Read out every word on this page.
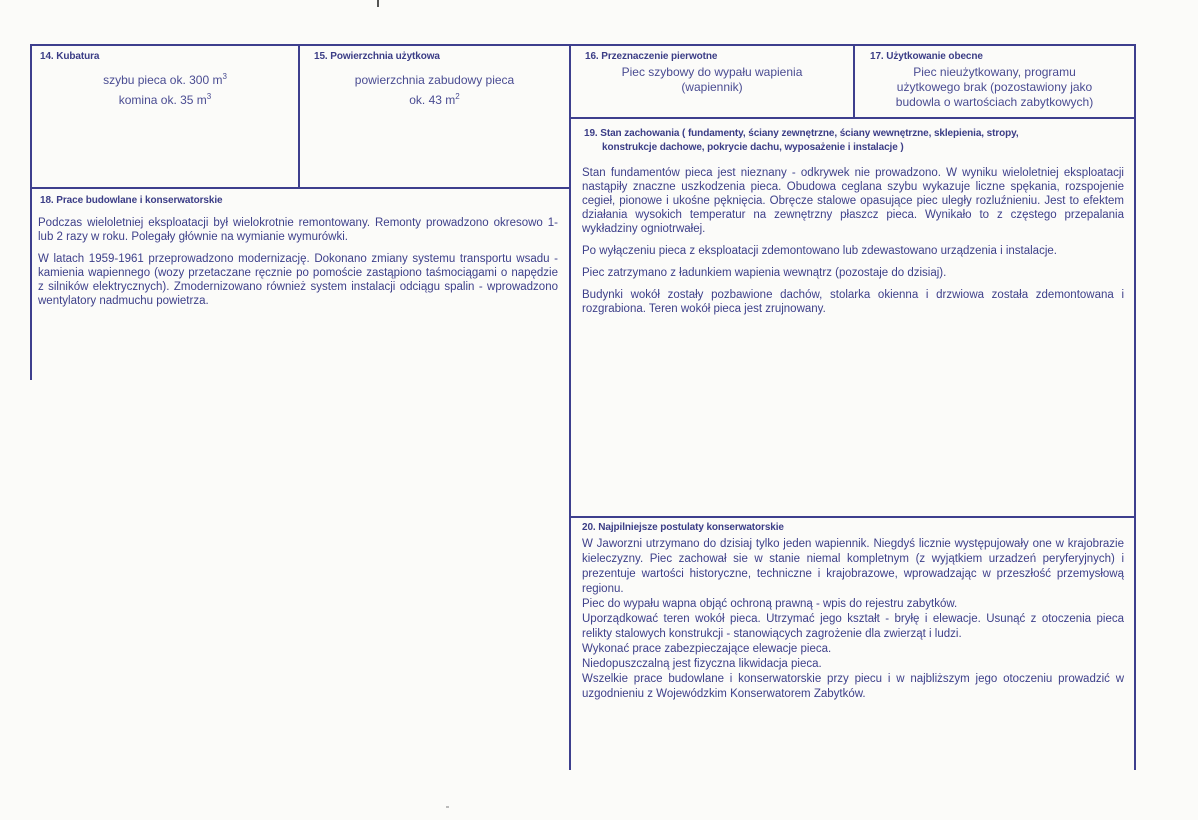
14. Kubatura
szybu pieca ok. 300 $m^3$
komina ok. 35 $m^3$
15. Powierzchnia użytkowa
powierzchnia zabudowy pieca
ok. 43 $m^2$
16. Przeznaczenie pierwotne
Piec szybowy do wypału wapienia
(wapiennik)
17. Użytkowanie obecne
Piec nieużytkowany, programu
użytkowego brak (pozostawiony jako
budowla o wartościach zabytkowych)
18. Prace budowlane i konserwatorskie

Podczas wieloletniej eksploatacji był wielokrotnie remontowany. Remonty prowadzono okresowo 1- lub 2 razy w roku. Polegały głównie na wymianie wymurówki.

W latach 1959-1961 przeprowadzono modernizację. Dokonano zmiany systemu transportu wsadu - kamienia wapiennego (wozy przetaczane ręcznie po pomoście zastąpiono taśmociągami o napędzie z silników elektrycznych). Zmodernizowano również system instalacji odciągu spalin - wprowadzono wentylatory nadmuchu powietrza.

19. Stan zachowania ( fundamenty, ściany zewnętrzne, ściany wewnętrzne, sklepienia, stropy,
konstrukcje dachowe, pokrycie dachu, wyposażenie i instalacje )

Stan fundamentów pieca jest nieznany - odkrywek nie prowadzono. W wyniku wieloletniej eksploatacji nastąpiły znaczne uszkodzenia pieca. Obudowa ceglana szybu wykazuje liczne spękania, rozspojenie cegieł, pionowe i ukośne pęknięcia. Obręcze stalowe opasujące piec uległy rozluźnieniu. Jest to efektem działania wysokich temperatur na zewnętrzny płaszcz pieca. Wynikało to z częstego przepalania wykładziny ogniotrwałej.

Po wyłączeniu pieca z eksploatacji zdemontowano lub zdewastowano urządzenia i instalacje.

Piec zatrzymano z ładunkiem wapienia wewnątrz (pozostaje do dzisiaj).

Budynki wokół zostały pozbawione dachów, stolarka okienna i drzwiowa została zdemontowana i rozgrabiona. Teren wokół pieca jest zrujnowany.

20. Najpilniejsze postulaty konserwatorskie

W Jaworzni utrzymano do dzisiaj tylko jeden wapiennik. Niegdyś licznie występujowały one w krajobrazie kieleczyzny. Piec zachował sie w stanie niemal kompletnym (z wyjątkiem urzadzeń peryferyjnych) i prezentuje wartości historyczne, techniczne i krajobrazowe, wprowadzając w przeszłość przemysłową regionu.

Piec do wypału wapna objąć ochroną prawną - wpis do rejestru zabytków.

Uporządkować teren wokół pieca. Utrzymać jego kształt - bryłę i elewacje. Usunąć z otoczenia pieca relikty stalowych konstrukcji - stanowiących zagrożenie dla zwierząt i ludzi.

Wykonać prace zabezpieczające elewacje pieca.

Niedopuszczalną jest fizyczna likwidacja pieca.

Wszelkie prace budowlane i konserwatorskie przy piecu i w najbliższym jego otoczeniu prowadzić w uzgodnieniu z Wojewódzkim Konserwatorem Zabytków.
